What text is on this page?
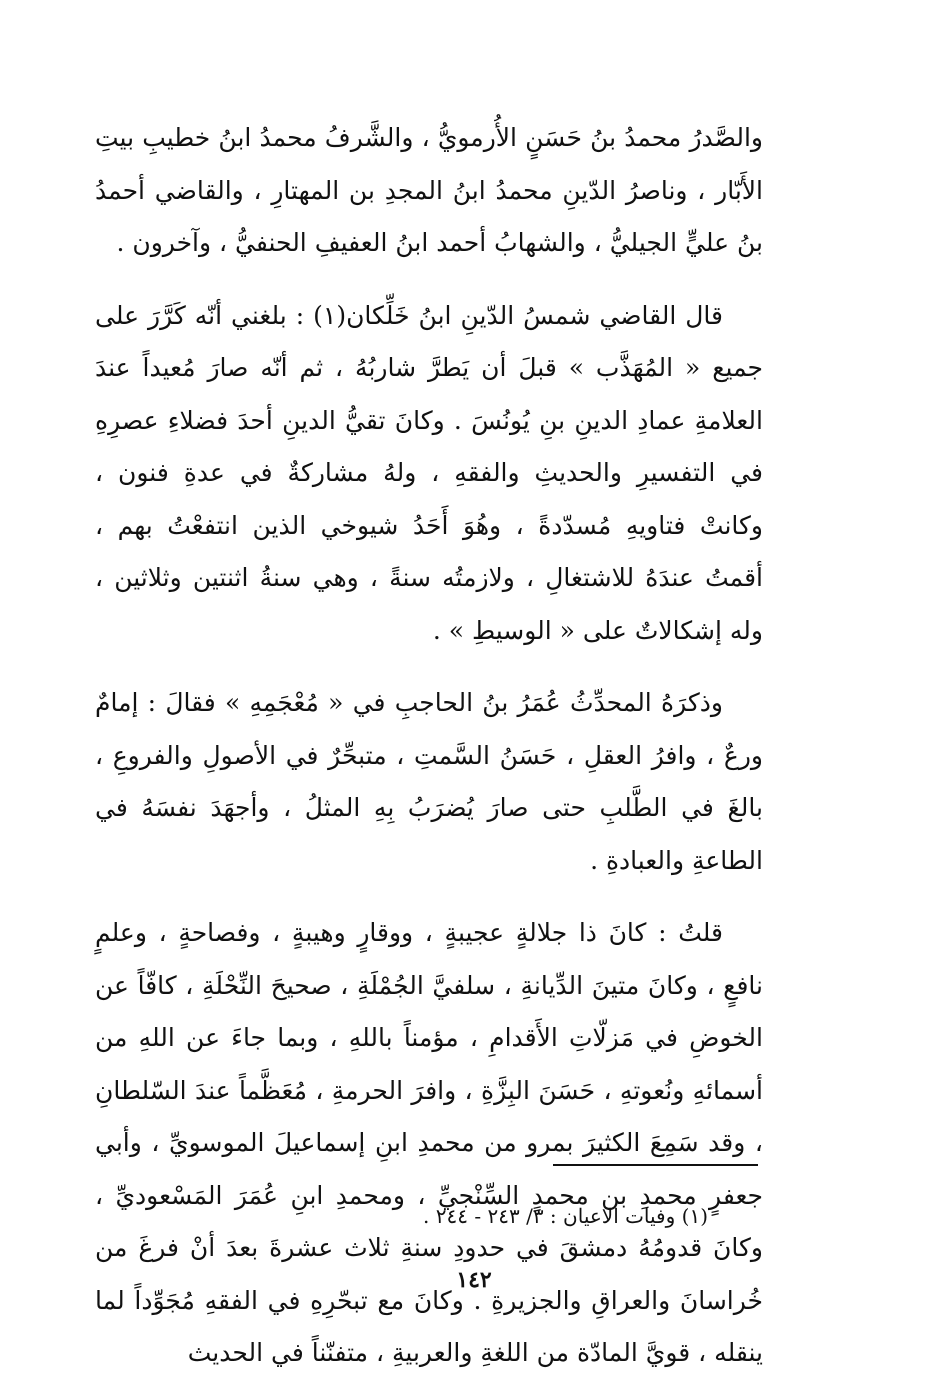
والصَّدرُ محمدُ بنُ حَسَنٍ الأُرمويُّ ، والشَّرفُ محمدُ ابنُ خطيبِ بيتِ الأَبّار ، وناصرُ الدّينِ محمدُ ابنُ المجدِ بن المهتارِ ، والقاضي أحمدُ بنُ عليٍّ الجيليُّ ، والشهابُ أحمد ابنُ العفيفِ الحنفيُّ ، وآخرون .

قال القاضي شمسُ الدّينِ ابنُ خَلِّكان(١) : بلغني أنّه كَرَّرَ على جميع « المُهَذَّب » قبلَ أن يَطرَّ شاربُهُ ، ثم أنّه صارَ مُعيداً عندَ العلامةِ عمادِ الدينِ بنِ يُونُسَ . وكانَ تقيُّ الدينِ أحدَ فضلاءِ عصرِهِ في التفسيرِ والحديثِ والفقهِ ، ولهُ مشاركةٌ في عدةِ فنون ، وكانتْ فتاويهِ مُسدّدةً ، وهُوَ أَحَدُ شيوخي الذين انتفعْتُ بهم ، أقمتُ عندَهُ للاشتغالِ ، ولازمتُه سنةً ، وهي سنةُ اثنتين وثلاثين ، وله إشكالاتٌ على « الوسيطِ » .

وذكرَهُ المحدِّثُ عُمَرُ بنُ الحاجبِ في « مُعْجَمِهِ » فقالَ : إمامٌ ورعٌ ، وافرُ العقلِ ، حَسَنُ السَّمتِ ، متبحِّرٌ في الأصولِ والفروعِ ، بالغَ في الطَّلبِ حتى صارَ يُضرَبُ بِهِ المثلُ ، وأجهَدَ نفسَهُ في الطاعةِ والعبادةِ .

قلتُ : كانَ ذا جلالةٍ عجيبةٍ ، ووقارٍ وهيبةٍ ، وفصاحةٍ ، وعلمٍ نافعٍ ، وكانَ متينَ الدِّيانةِ ، سلفيَّ الجُمْلَةِ ، صحيحَ النِّحْلَةِ ، كافّاً عن الخوضِ في مَزلّاتِ الأَقدامِ ، مؤمناً باللهِ ، وبما جاءَ عن اللهِ من أسمائهِ ونُعوتهِ ، حَسَنَ البِزَّةِ ، وافرَ الحرمةِ ، مُعَظَّماً عندَ السّلطانِ ، وقد سَمِعَ الكثيرَ بمرو من محمدِ ابنِ إسماعيلَ الموسويِّ ، وأبي جعفرٍ محمدِ بن محمدٍ السِّنْجيِّ ، ومحمدِ ابنِ عُمَرَ المَسْعوديِّ ، وكانَ قدومُهُ دمشقَ في حدودِ سنةِ ثلاث عشرةَ بعدَ أنْ فرغَ من خُراسانَ والعراقِ والجزيرةِ . وكانَ مع تبحّرِهِ في الفقهِ مُجَوِّداً لما ينقله ، قويَّ المادّة من اللغةِ والعربيةِ ، متفنّناً في الحديث

(١) وفيات الاعيان : ٣/ ٢٤٣ - ٢٤٤ .
١٤٢
